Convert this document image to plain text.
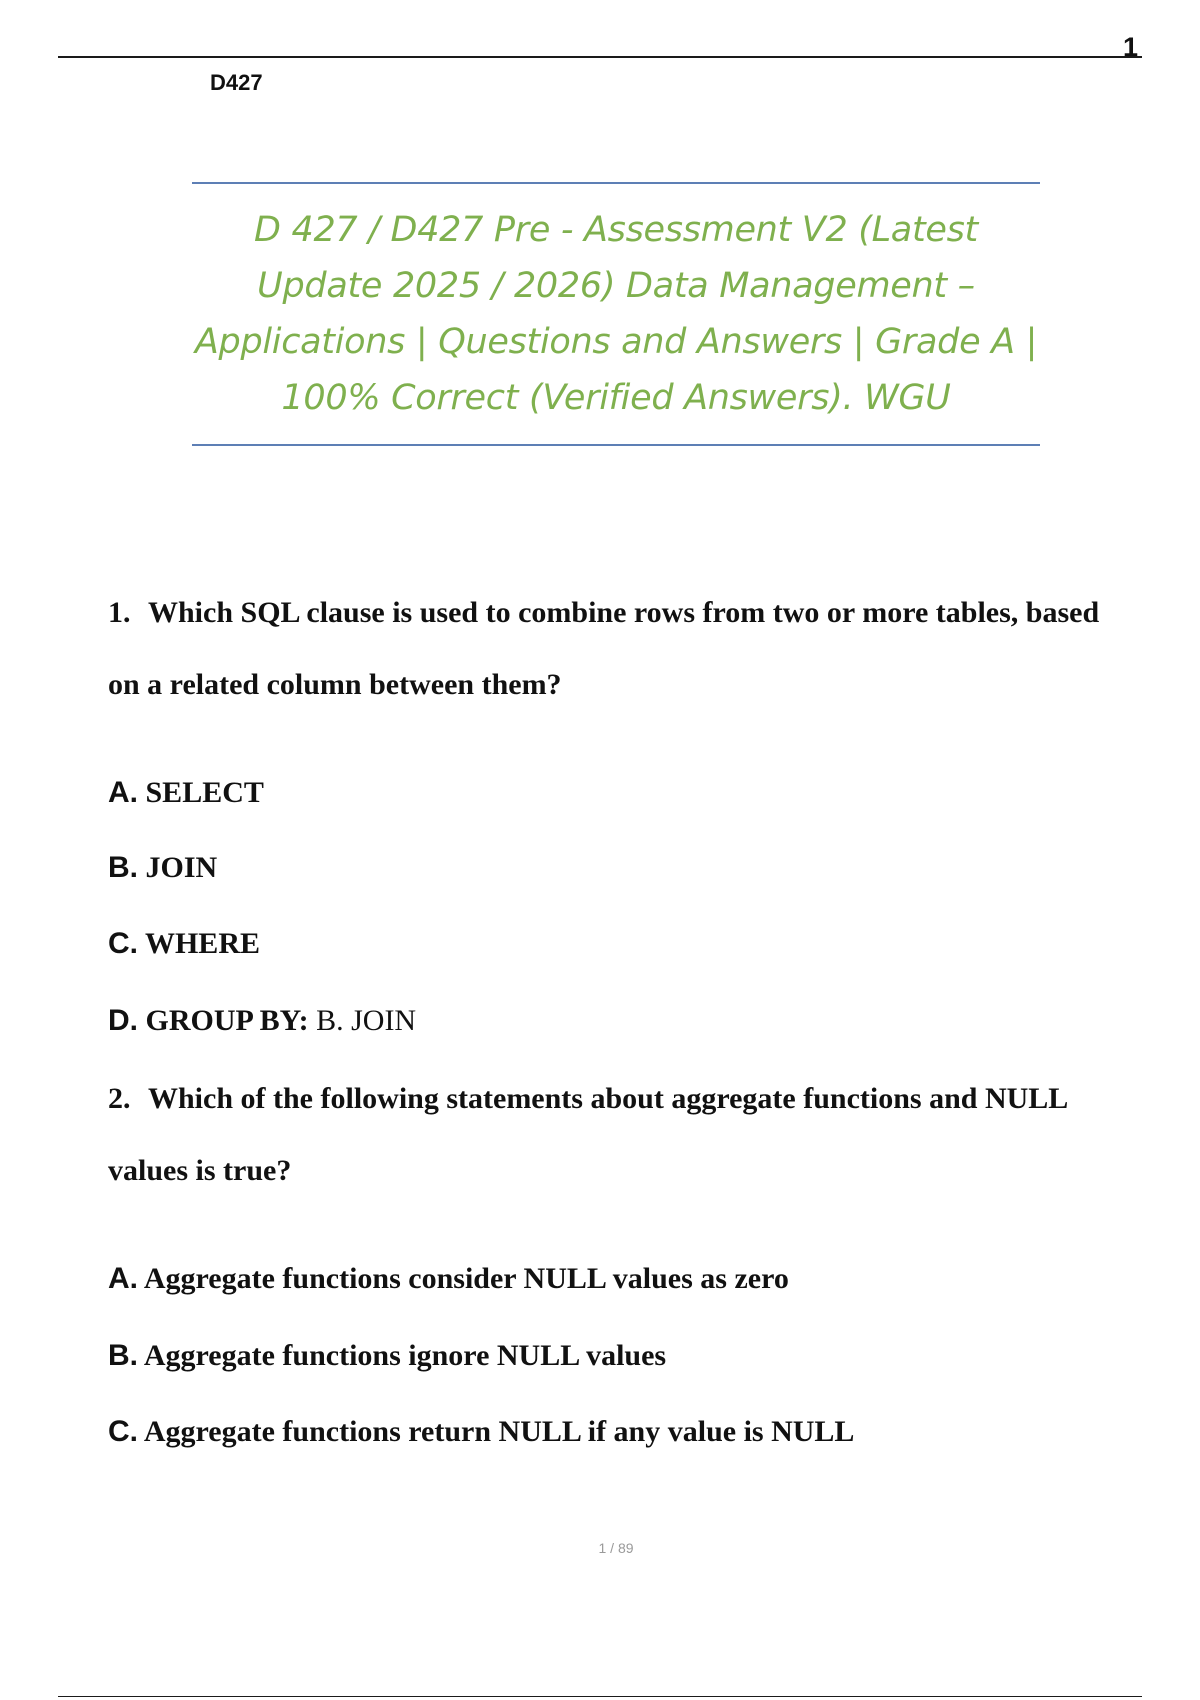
1
D427

D 427 / D427 Pre - Assessment V2 (Latest Update 2025 / 2026) Data Management – Applications | Questions and Answers | Grade A | 100% Correct (Verified Answers). WGU

1. Which SQL clause is used to combine rows from two or more tables, based on a related column between them?

A. SELECT
B. JOIN
C. WHERE
D. GROUP BY: B. JOIN

2. Which of the following statements about aggregate functions and NULL values is true?

A. Aggregate functions consider NULL values as zero
B. Aggregate functions ignore NULL values
C. Aggregate functions return NULL if any value is NULL
1 / 89
